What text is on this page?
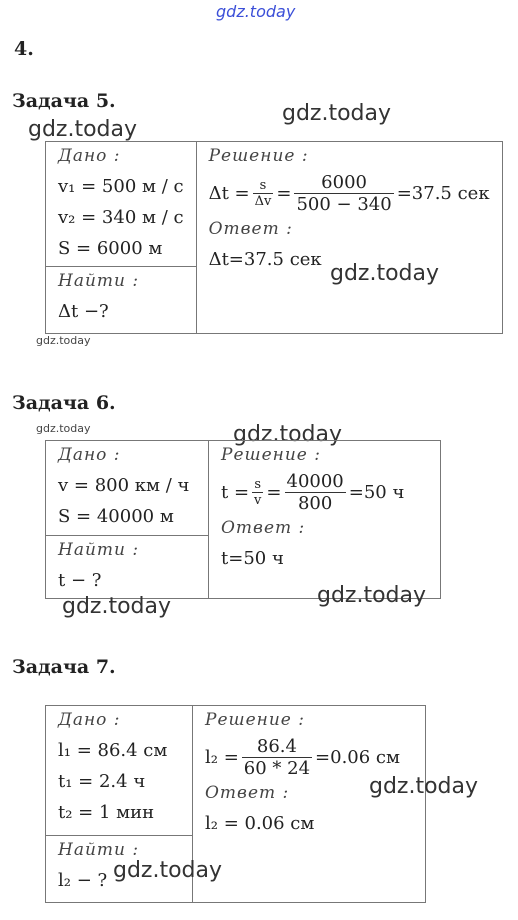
gdz.today
4.
Задача 5.	gdz.today
gdz.today
Дано :
v₁ = 500 м / с
v₂ = 340 м / с
S = 6000 м

Решение :
$\Delta t = \frac{s}{\Delta v} = \frac{6000}{500 - 340} =37.5$ сек
Ответ :
Δt=37.5 сек

Найти :
Δt −?
gdz.today
gdz.today
Задача 6.
gdz.today	gdz.today
Дано :
v = 800 км / ч
S = 40000 м

Решение :
$t = \frac{s}{v} = \frac{40000}{800} =50$ ч
Ответ :
t=50 ч

Найти :
t − ?
gdz.today
gdz.today
Задача 7.
Дано :
l₁ = 86.4 см
t₁ = 2.4 ч
t₂ = 1 мин

Решение :
$l_2 = \frac{86.4}{60 * 24} =0.06$ см
Ответ :
l₂ = 0.06 см

Найти :
l₂ − ?
gdz.today
gdz.today
